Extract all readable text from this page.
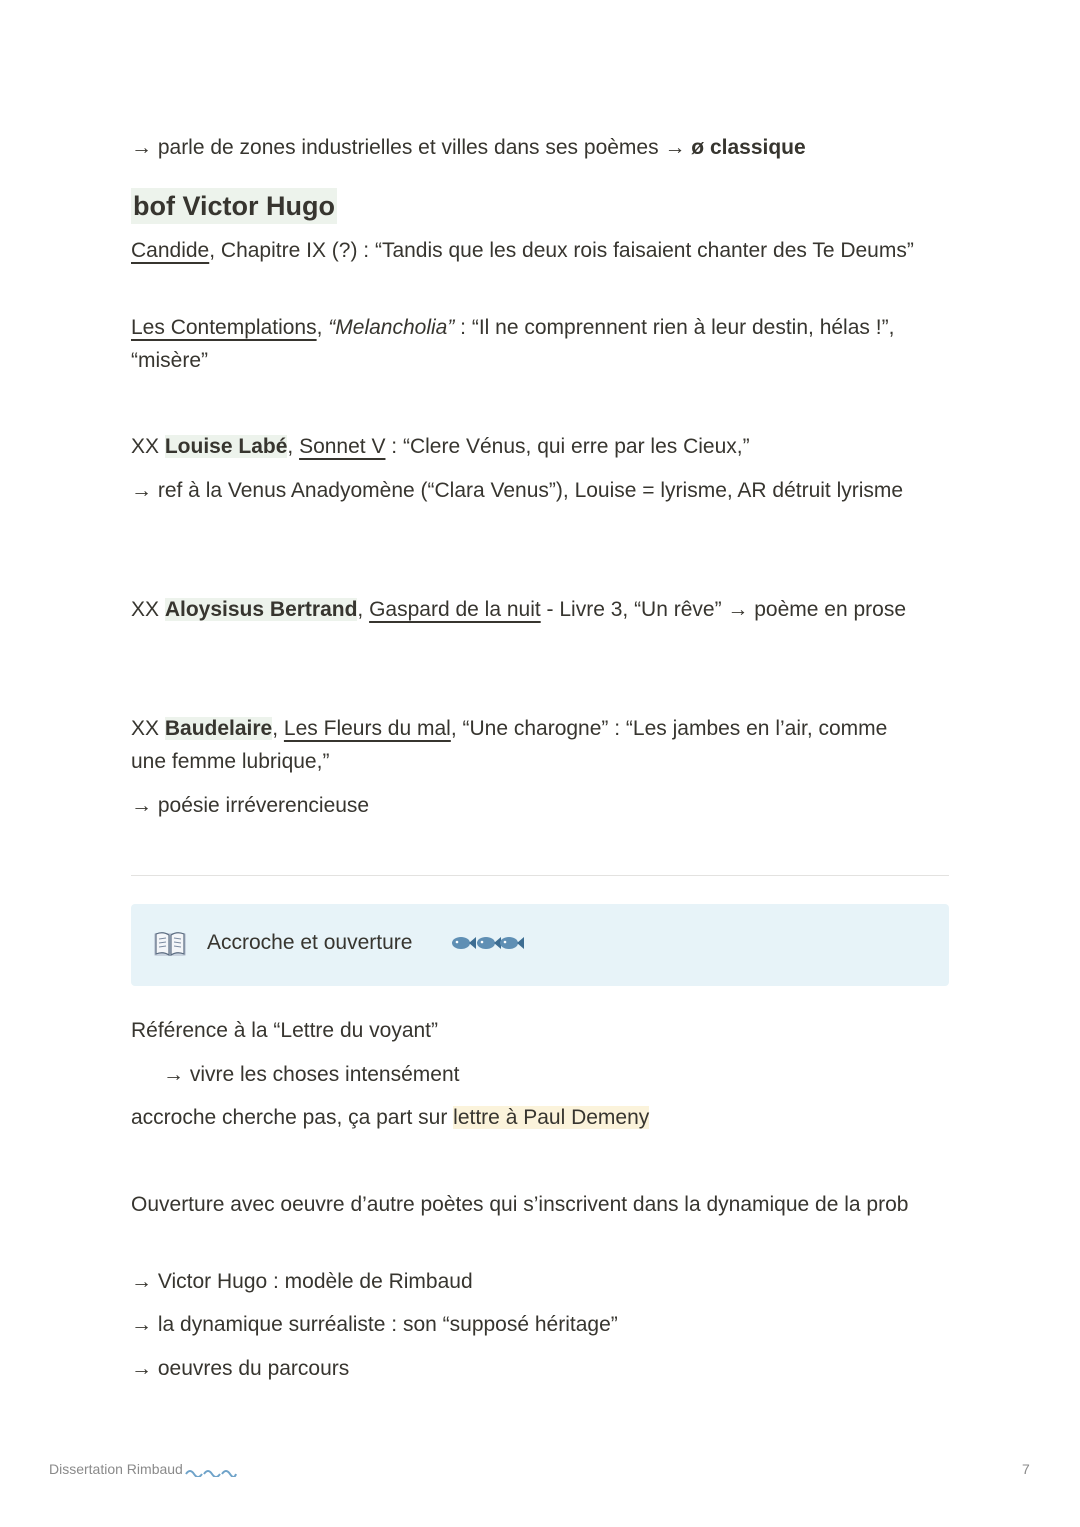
→ parle de zones industrielles et villes dans ses poèmes → ø classique

bof Victor Hugo

Candide, Chapitre IX (?) : “Tandis que les deux rois faisaient chanter des Te Deums”

Les Contemplations, “Melancholia” : “Il ne comprennent rien à leur destin, hélas !”, “misère”

XX Louise Labé, Sonnet V : “Clere Vénus, qui erre par les Cieux,”

→ ref à la Venus Anadyomène (“Clara Venus”), Louise = lyrisme, AR détruit lyrisme

XX Aloysisus Bertrand, Gaspard de la nuit - Livre 3, “Un rêve” → poème en prose

XX Baudelaire, Les Fleurs du mal, “Une charogne” : “Les jambes en l’air, comme une femme lubrique,”

→ poésie irréverencieuse

Accroche et ouverture

Référence à la “Lettre du voyant”

→ vivre les choses intensément

accroche cherche pas, ça part sur lettre à Paul Demeny

Ouverture avec oeuvre d’autre poètes qui s’inscrivent dans la dynamique de la prob

→ Victor Hugo : modèle de Rimbaud

→ la dynamique surréaliste : son “supposé héritage”

→ oeuvres du parcours

Dissertation Rimbaud	7
